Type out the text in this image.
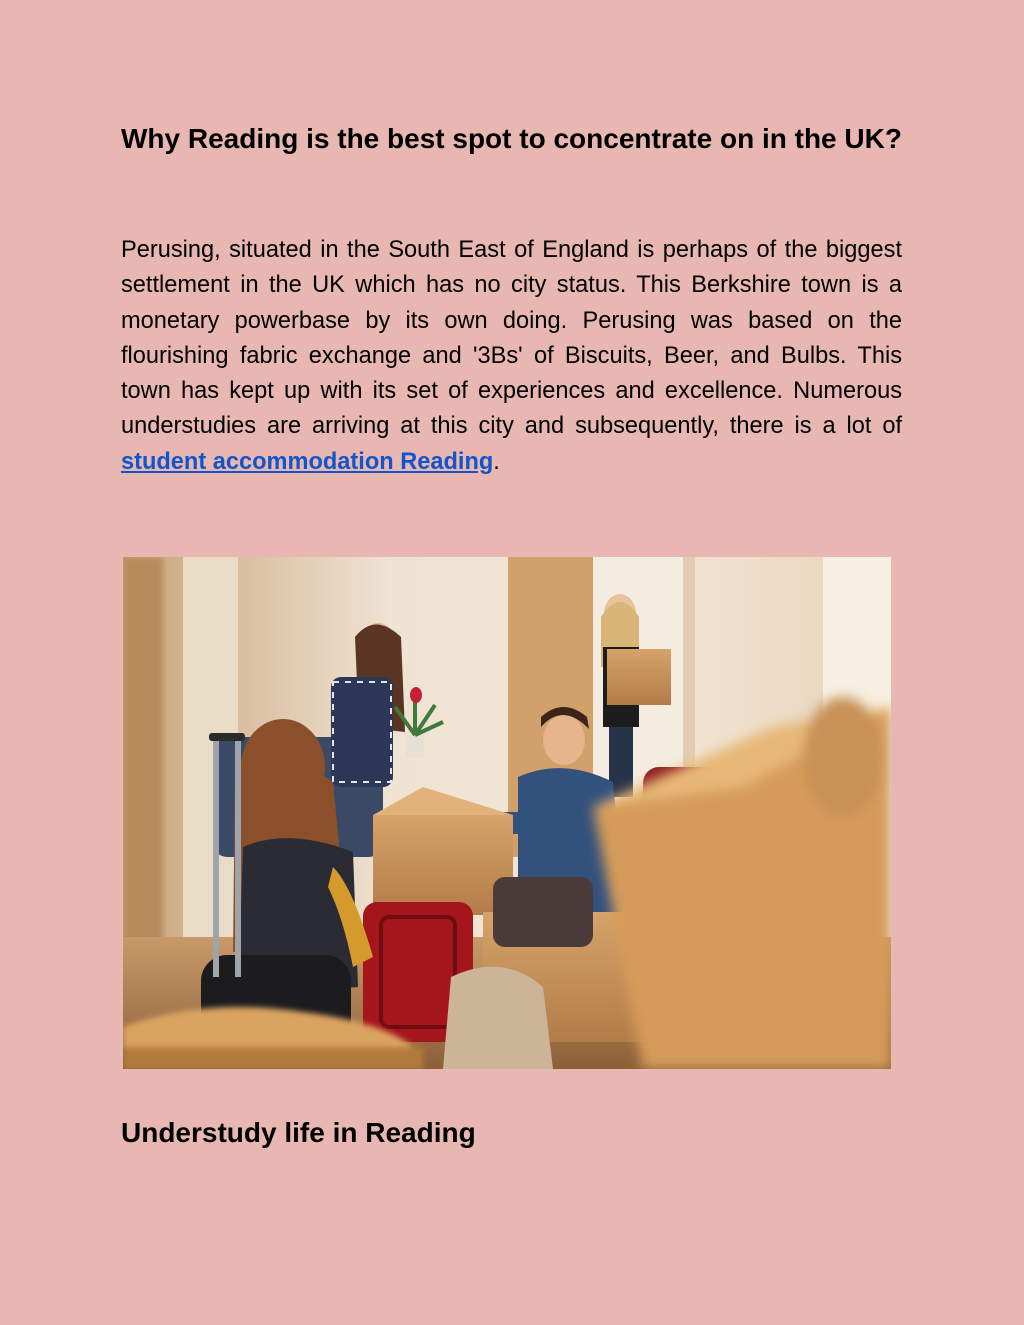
Why Reading is the best spot to concentrate on in the UK?

Perusing, situated in the South East of England is perhaps of the biggest settlement in the UK which has no city status. This Berkshire town is a monetary powerbase by its own doing. Perusing was based on the flourishing fabric exchange and '3Bs' of Biscuits, Beer, and Bulbs. This town has kept up with its set of experiences and excellence. Numerous understudies are arriving at this city and subsequently, there is a lot of student accommodation Reading.

Understudy life in Reading
